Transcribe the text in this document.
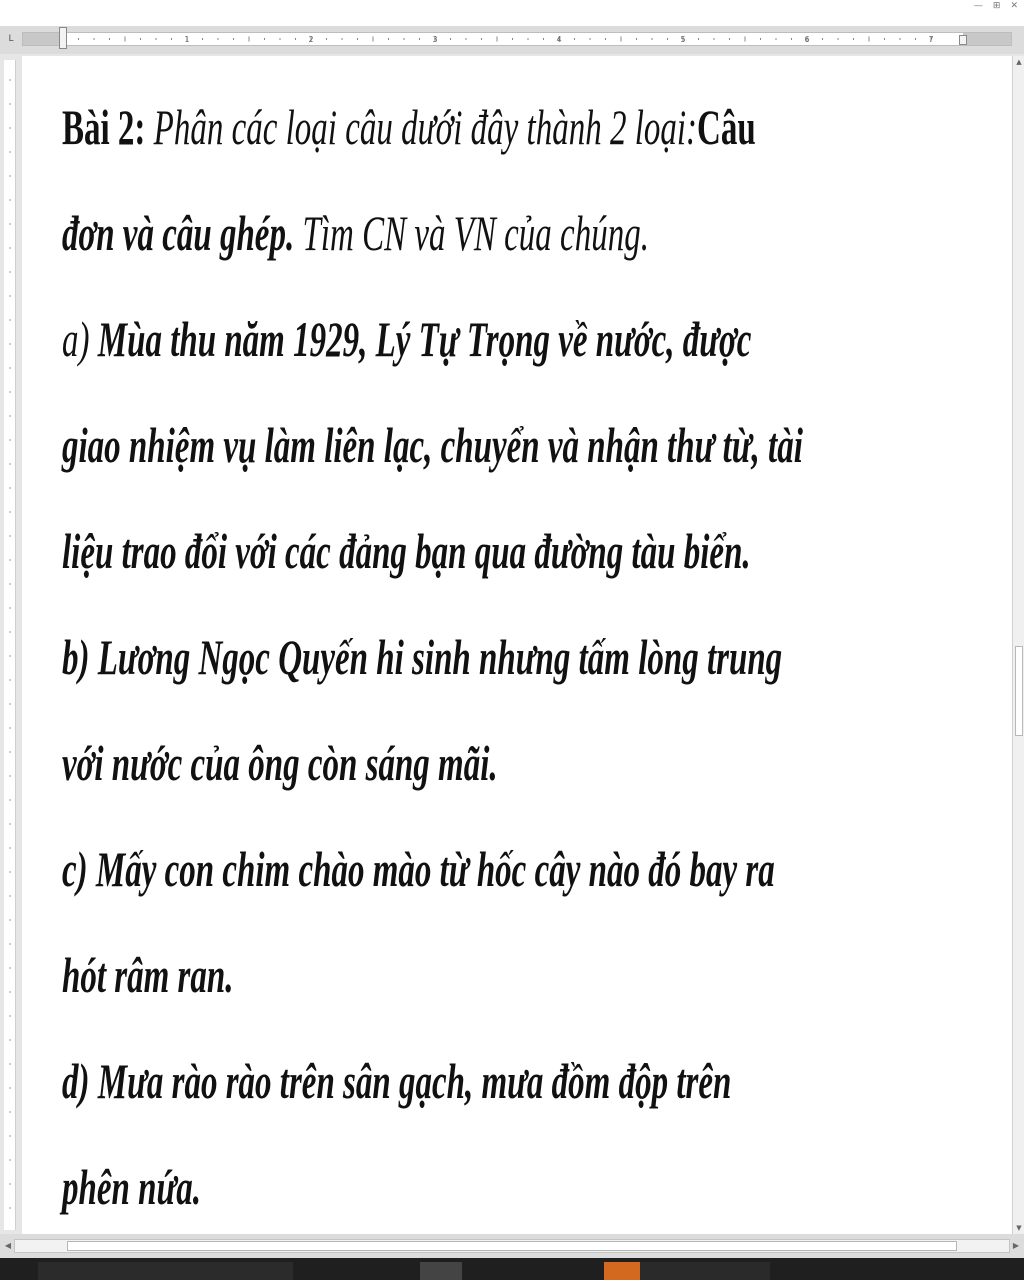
— ⊞ ✕
L	1	2	3	4	5	6	7
Bài 2: Phân các loại câu dưới đây thành 2 loại:Câu
đơn và câu ghép. Tìm CN và VN của chúng.
a) Mùa thu năm 1929, Lý Tự Trọng về nước, được
giao nhiệm vụ làm liên lạc, chuyển và nhận thư từ, tài
liệu trao đổi với các đảng bạn qua đường tàu biển.
b) Lương Ngọc Quyến hi sinh nhưng tấm lòng trung
với nước của ông còn sáng mãi.
c) Mấy con chim chào mào từ hốc cây nào đó bay ra
hót râm ran.
d) Mưa rào rào trên sân gạch, mưa đồm độp trên
phên nứa.
▲
▼
◀	▶
